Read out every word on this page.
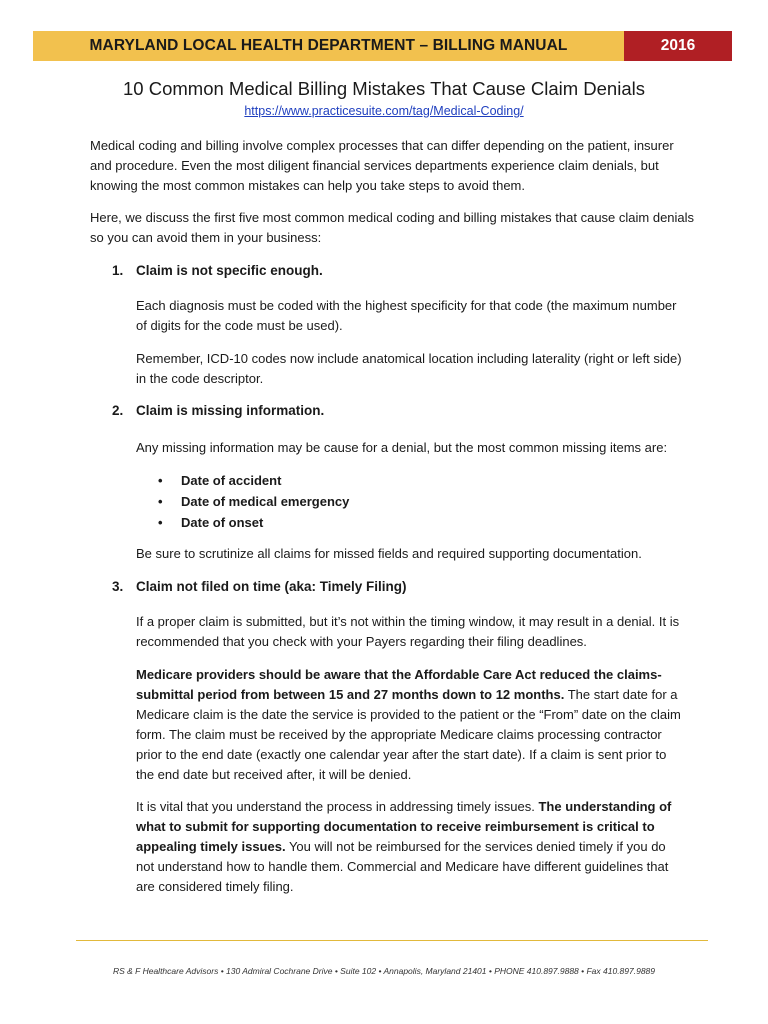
MARYLAND LOCAL HEALTH DEPARTMENT – BILLING MANUAL	2016
10 Common Medical Billing Mistakes That Cause Claim Denials
https://www.practicesuite.com/tag/Medical-Coding/
Medical coding and billing involve complex processes that can differ depending on the patient, insurer and procedure. Even the most diligent financial services departments experience claim denials, but knowing the most common mistakes can help you take steps to avoid them.
Here, we discuss the first five most common medical coding and billing mistakes that cause claim denials so you can avoid them in your business:
1. Claim is not specific enough.
Each diagnosis must be coded with the highest specificity for that code (the maximum number of digits for the code must be used).
Remember, ICD-10 codes now include anatomical location including laterality (right or left side) in the code descriptor.
2. Claim is missing information.
Any missing information may be cause for a denial, but the most common missing items are:
• Date of accident
• Date of medical emergency
• Date of onset
Be sure to scrutinize all claims for missed fields and required supporting documentation.
3. Claim not filed on time (aka: Timely Filing)
If a proper claim is submitted, but it’s not within the timing window, it may result in a denial. It is recommended that you check with your Payers regarding their filing deadlines.
Medicare providers should be aware that the Affordable Care Act reduced the claims-submittal period from between 15 and 27 months down to 12 months. The start date for a Medicare claim is the date the service is provided to the patient or the “From” date on the claim form. The claim must be received by the appropriate Medicare claims processing contractor prior to the end date (exactly one calendar year after the start date). If a claim is sent prior to the end date but received after, it will be denied.
It is vital that you understand the process in addressing timely issues. The understanding of what to submit for supporting documentation to receive reimbursement is critical to appealing timely issues. You will not be reimbursed for the services denied timely if you do not understand how to handle them. Commercial and Medicare have different guidelines that are considered timely filing.
RS & F Healthcare Advisors • 130 Admiral Cochrane Drive • Suite 102 • Annapolis, Maryland 21401 • PHONE 410.897.9888 • Fax 410.897.9889
